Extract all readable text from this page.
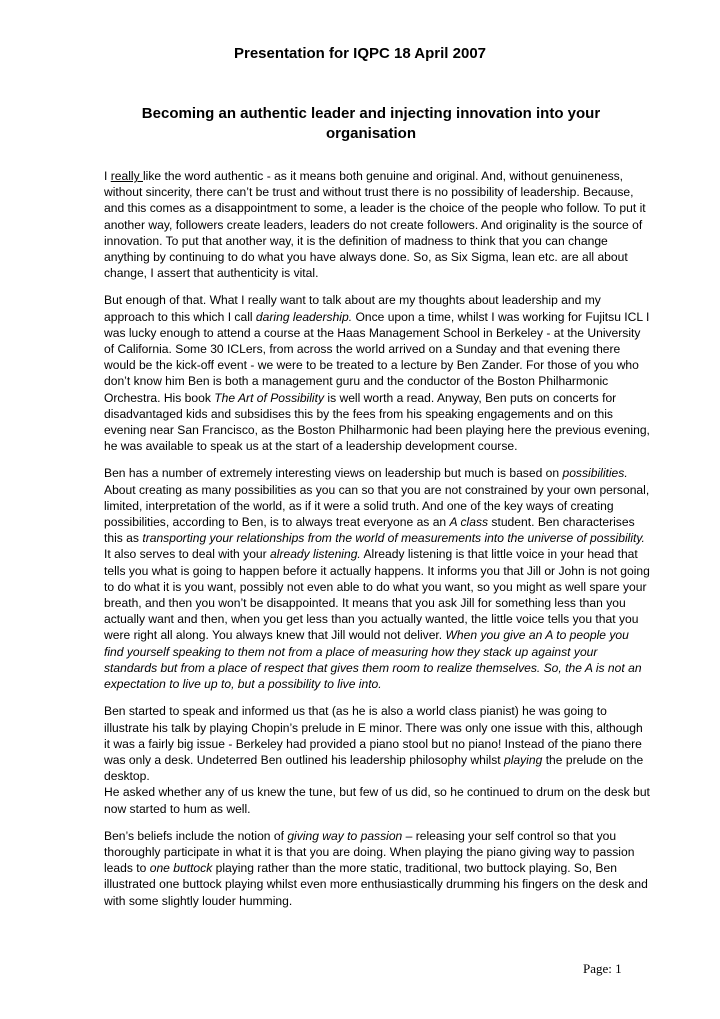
Presentation for IQPC 18 April 2007
Becoming an authentic leader and injecting innovation into your organisation

I really like the word authentic - as it means both genuine and original. And, without genuineness, without sincerity, there can’t be trust and without trust there is no possibility of leadership. Because, and this comes as a disappointment to some, a leader is the choice of the people who follow. To put it another way, followers create leaders, leaders do not create followers. And originality is the source of innovation. To put that another way, it is the definition of madness to think that you can change anything by continuing to do what you have always done. So, as Six Sigma, lean etc. are all about change, I assert that authenticity is vital.

But enough of that. What I really want to talk about are my thoughts about leadership and my approach to this which I call daring leadership. Once upon a time, whilst I was working for Fujitsu ICL I was lucky enough to attend a course at the Haas Management School in Berkeley - at the University of California. Some 30 ICLers, from across the world arrived on a Sunday and that evening there would be the kick-off event - we were to be treated to a lecture by Ben Zander. For those of you who don’t know him Ben is both a management guru and the conductor of the Boston Philharmonic Orchestra. His book The Art of Possibility is well worth a read. Anyway, Ben puts on concerts for disadvantaged kids and subsidises this by the fees from his speaking engagements and on this evening near San Francisco, as the Boston Philharmonic had been playing here the previous evening, he was available to speak us at the start of a leadership development course.

Ben has a number of extremely interesting views on leadership but much is based on possibilities. About creating as many possibilities as you can so that you are not constrained by your own personal, limited, interpretation of the world, as if it were a solid truth. And one of the key ways of creating possibilities, according to Ben, is to always treat everyone as an A class student. Ben characterises this as transporting your relationships from the world of measurements into the universe of possibility. It also serves to deal with your already listening. Already listening is that little voice in your head that tells you what is going to happen before it actually happens. It informs you that Jill or John is not going to do what it is you want, possibly not even able to do what you want, so you might as well spare your breath, and then you won’t be disappointed. It means that you ask Jill for something less than you actually want and then, when you get less than you actually wanted, the little voice tells you that you were right all along. You always knew that Jill would not deliver. When you give an A to people you find yourself speaking to them not from a place of measuring how they stack up against your standards but from a place of respect that gives them room to realize themselves. So, the A is not an expectation to live up to, but a possibility to live into.

Ben started to speak and informed us that (as he is also a world class pianist) he was going to illustrate his talk by playing Chopin’s prelude in E minor. There was only one issue with this, although it was a fairly big issue - Berkeley had provided a piano stool but no piano! Instead of the piano there was only a desk. Undeterred Ben outlined his leadership philosophy whilst playing the prelude on the desktop.

He asked whether any of us knew the tune, but few of us did, so he continued to drum on the desk but now started to hum as well.

Ben’s beliefs include the notion of giving way to passion – releasing your self control so that you thoroughly participate in what it is that you are doing. When playing the piano giving way to passion leads to one buttock playing rather than the more static, traditional, two buttock playing. So, Ben illustrated one buttock playing whilst even more enthusiastically drumming his fingers on the desk and with some slightly louder humming.

Page: 1
